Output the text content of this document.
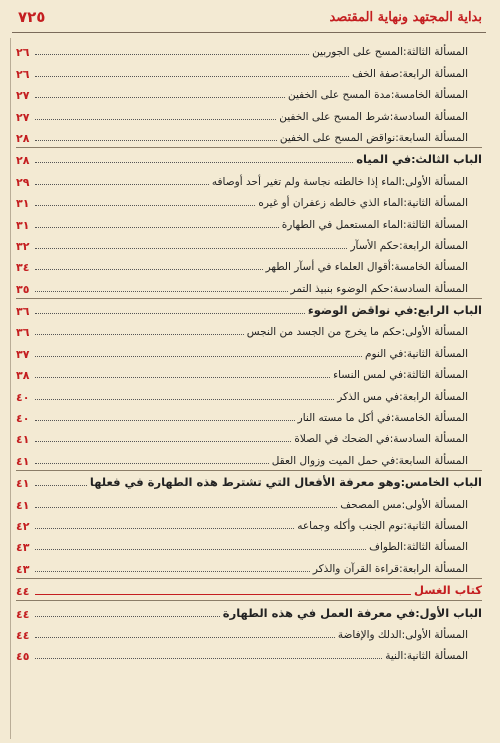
بداية المجتهد ونهاية المقتصد
٧٢٥
المسألة الثالثة
:
المسح على الجوربين
٢٦
المسألة الرابعة
:
صفة الخف
٢٦
المسألة الخامسة
:
مدة المسح على الخفين
٢٧
المسألة السادسة
:
شرط المسح على الخفين
٢٧
المسألة السابعة
:
نواقض المسح على الخفين
٢٨
الباب الثالث
:
في المياه
٢٨
المسألة الأولى
:
الماء إذا خالطته نجاسة ولم تغير أحد أوصافه
٢٩
المسألة الثانية
:
الماء الذي خالطه زعفران أو غيره
٣١
المسألة الثالثة
:
الماء المستعمل في الطهارة
٣١
المسألة الرابعة
:
حكم الأسآر
٣٢
المسألة الخامسة
:
أقوال العلماء في أسآر الطهر
٣٤
المسألة السادسة
:
حكم الوضوء بنبيذ التمر
٣٥
الباب الرابع
:
في نواقض الوضوء
٣٦
المسألة الأولى
:
حكم ما يخرج من الجسد من النجس
٣٦
المسألة الثانية
:
في النوم
٣٧
المسألة الثالثة
:
في لمس النساء
٣٨
المسألة الرابعة
:
في مس الذكر
٤٠
المسألة الخامسة
:
في أكل ما مسته النار
٤٠
المسألة السادسة
:
في الضحك في الصلاة
٤١
المسألة السابعة
:
في حمل الميت وزوال العقل
٤١
الباب الخامس
:
وهو معرفة الأفعال التي تشترط هذه الطهارة في فعلها
٤١
المسألة الأولى
:
مس المصحف
٤١
المسألة الثانية
:
نوم الجنب وأكله وجماعه
٤٢
المسألة الثالثة
:
الطواف
٤٣
المسألة الرابعة
:
قراءة القرآن والذكر
٤٣
كتاب الغسل
٤٤
الباب الأول
:
في معرفة العمل في هذه الطهارة
٤٤
المسألة الأولى
:
الدلك والإفاضة
٤٤
المسألة الثانية
:
النية
٤٥
